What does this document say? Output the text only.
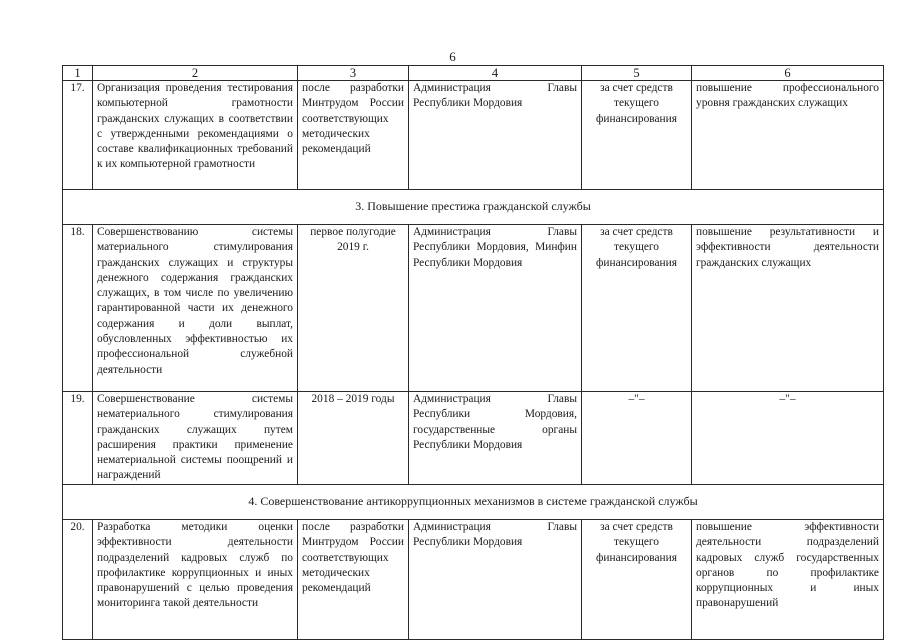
6
1	2	3	4	5	6
17.	Организация проведения тестирования компьютерной грамотности гражданских служащих в соответствии с утвержденными рекомендациями о составе квалификационных требований к их компьютерной грамотности	после разработки Минтрудом России соответствующих методических рекомендаций	Администрация Главы Республики Мордовия	за счет средств текущего финансирования	повышение профессионального уровня гражданских служащих
3. Повышение престижа гражданской службы					
18.	Совершенствованию системы материального стимулирования гражданских служащих и структуры денежного содержания гражданских служащих, в том числе по увеличению гарантированной части их денежного содержания и доли выплат, обусловленных эффективностью их профессиональной служебной деятельности	первое полугодие 2019 г.	Администрация Главы Республики Мордовия, Минфин Республики Мордовия	за счет средств текущего финансирования	повышение результативности и эффективности деятельности гражданских служащих
19.	Совершенствование системы нематериального стимулирования гражданских служащих путем расширения практики применение нематериальной системы поощрений и награждений	2018 – 2019 годы	Администрация Главы Республики Мордовия, государственные органы Республики Мордовия	–"–	–"–
4. Совершенствование антикоррупционных механизмов в системе гражданской службы					
20.	Разработка методики оценки эффективности деятельности подразделений кадровых служб по профилактике коррупционных и иных правонарушений с целью проведения мониторинга такой деятельности	после разработки Минтрудом России соответствующих методических рекомендаций	Администрация Главы Республики Мордовия	за счет средств текущего финансирования	повышение эффективности деятельности подразделений кадровых служб государственных органов по профилактике коррупционных и иных правонарушений
